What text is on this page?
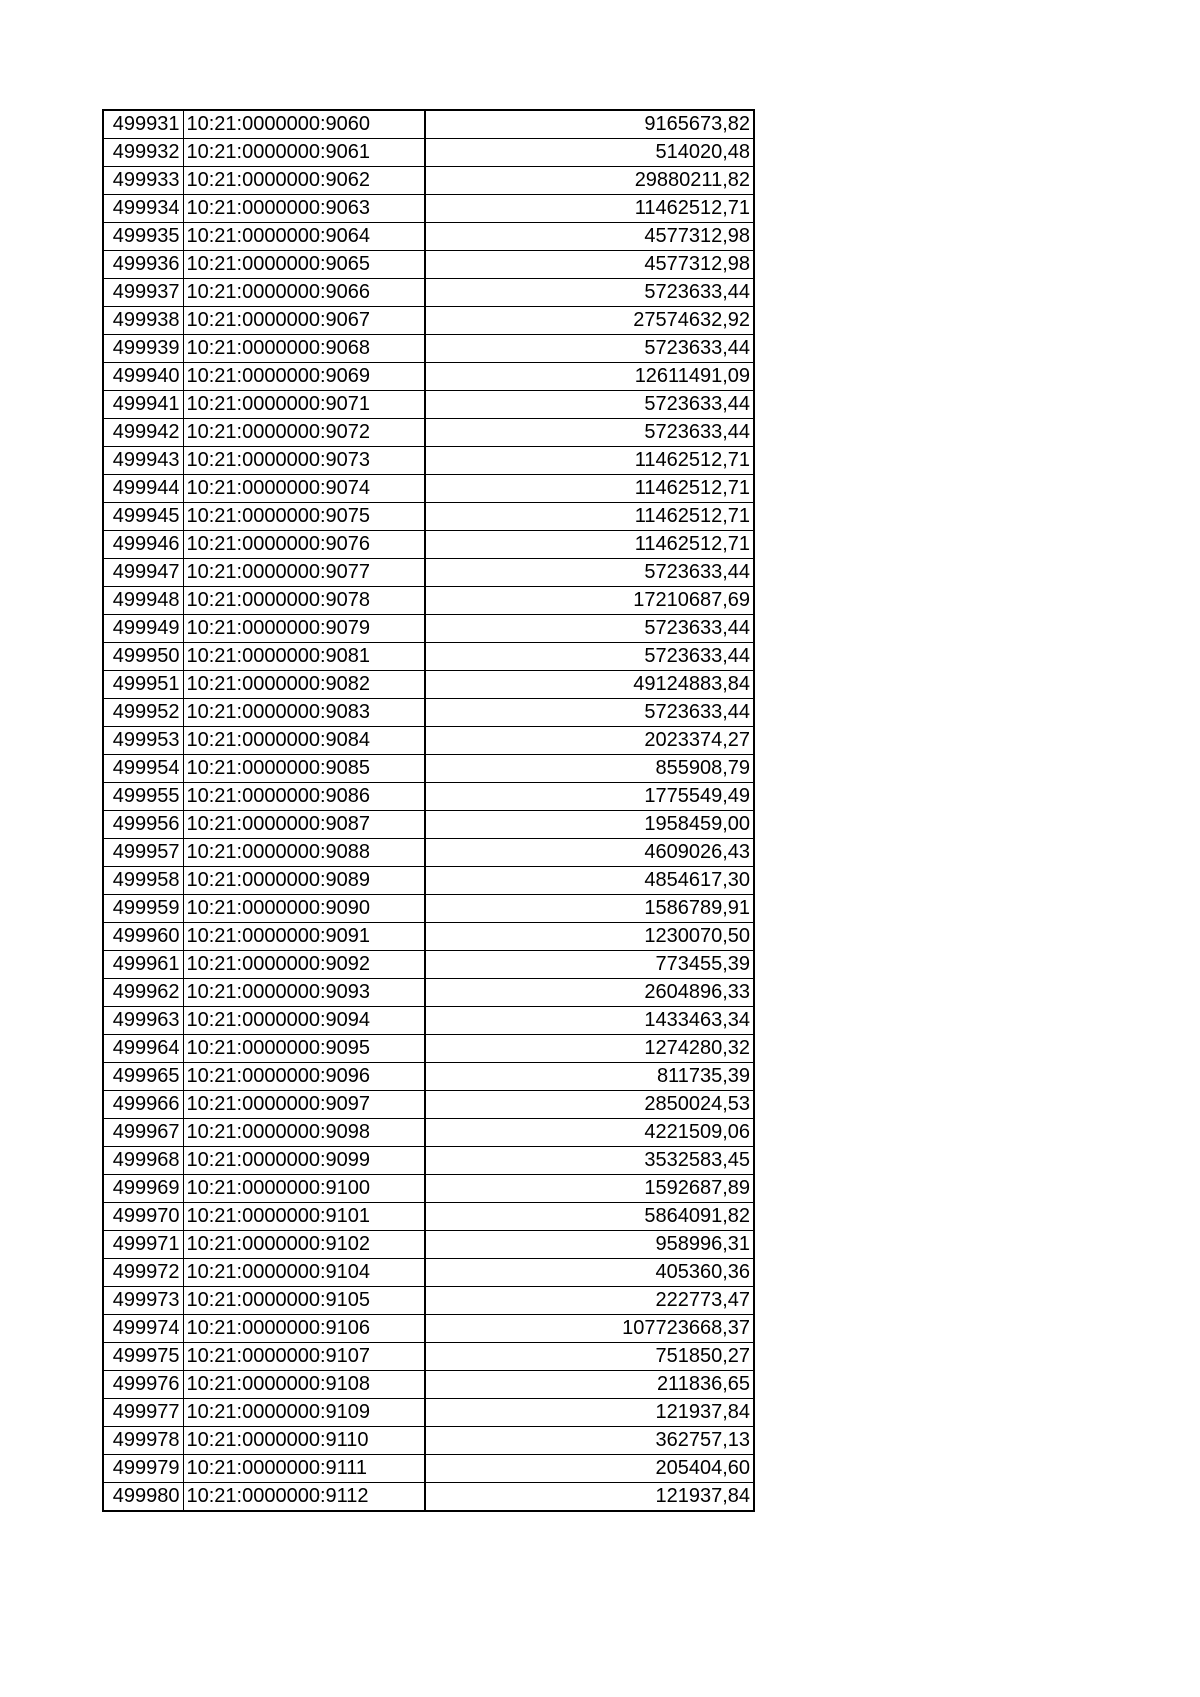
499931	10:21:0000000:9060	9165673,82
499932	10:21:0000000:9061	514020,48
499933	10:21:0000000:9062	29880211,82
499934	10:21:0000000:9063	11462512,71
499935	10:21:0000000:9064	4577312,98
499936	10:21:0000000:9065	4577312,98
499937	10:21:0000000:9066	5723633,44
499938	10:21:0000000:9067	27574632,92
499939	10:21:0000000:9068	5723633,44
499940	10:21:0000000:9069	12611491,09
499941	10:21:0000000:9071	5723633,44
499942	10:21:0000000:9072	5723633,44
499943	10:21:0000000:9073	11462512,71
499944	10:21:0000000:9074	11462512,71
499945	10:21:0000000:9075	11462512,71
499946	10:21:0000000:9076	11462512,71
499947	10:21:0000000:9077	5723633,44
499948	10:21:0000000:9078	17210687,69
499949	10:21:0000000:9079	5723633,44
499950	10:21:0000000:9081	5723633,44
499951	10:21:0000000:9082	49124883,84
499952	10:21:0000000:9083	5723633,44
499953	10:21:0000000:9084	2023374,27
499954	10:21:0000000:9085	855908,79
499955	10:21:0000000:9086	1775549,49
499956	10:21:0000000:9087	1958459,00
499957	10:21:0000000:9088	4609026,43
499958	10:21:0000000:9089	4854617,30
499959	10:21:0000000:9090	1586789,91
499960	10:21:0000000:9091	1230070,50
499961	10:21:0000000:9092	773455,39
499962	10:21:0000000:9093	2604896,33
499963	10:21:0000000:9094	1433463,34
499964	10:21:0000000:9095	1274280,32
499965	10:21:0000000:9096	811735,39
499966	10:21:0000000:9097	2850024,53
499967	10:21:0000000:9098	4221509,06
499968	10:21:0000000:9099	3532583,45
499969	10:21:0000000:9100	1592687,89
499970	10:21:0000000:9101	5864091,82
499971	10:21:0000000:9102	958996,31
499972	10:21:0000000:9104	405360,36
499973	10:21:0000000:9105	222773,47
499974	10:21:0000000:9106	107723668,37
499975	10:21:0000000:9107	751850,27
499976	10:21:0000000:9108	211836,65
499977	10:21:0000000:9109	121937,84
499978	10:21:0000000:9110	362757,13
499979	10:21:0000000:9111	205404,60
499980	10:21:0000000:9112	121937,84
